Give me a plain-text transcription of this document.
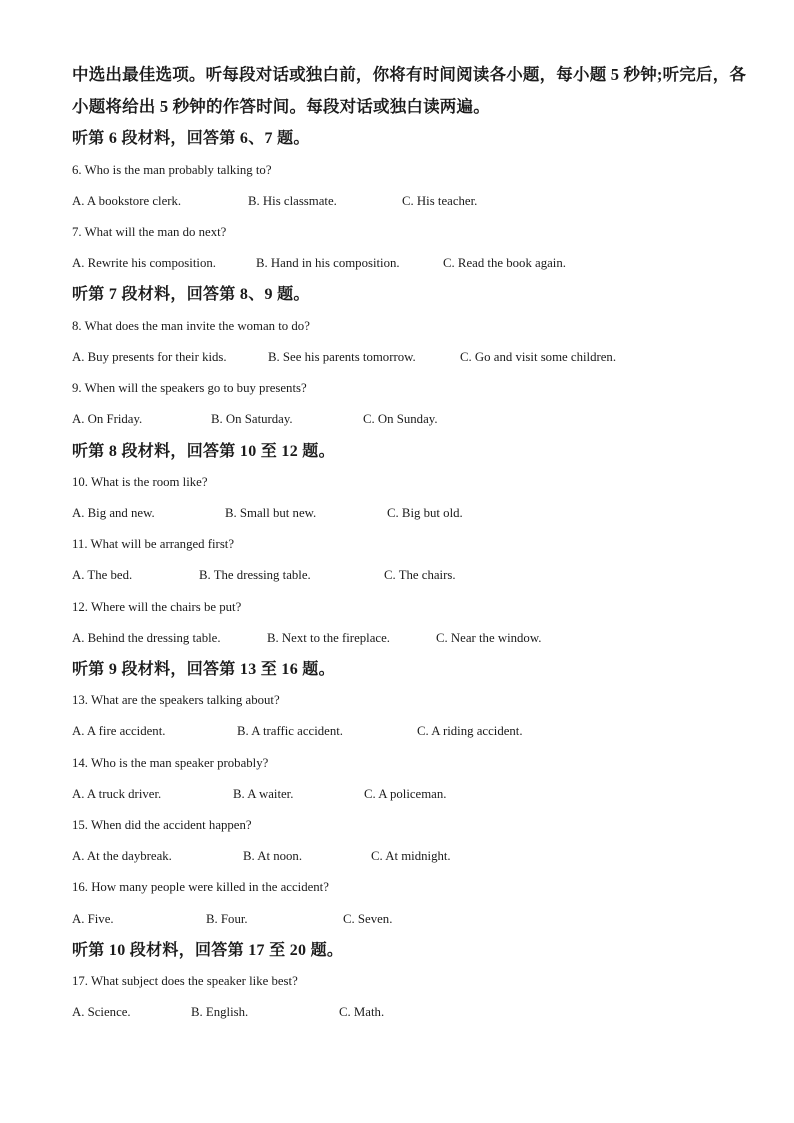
中选出最佳选项。听每段对话或独白前，你将有时间阅读各小题，每小题 5 秒钟;听完后，各
小题将给出 5 秒钟的作答时间。每段对话或独白读两遍。
听第 6 段材料，回答第 6、7 题。
6. Who is the man probably talking to?
A. A bookstore clerk.	B. His classmate.	C. His teacher.
7. What will the man do next?
A. Rewrite his composition.	B. Hand in his composition.	C. Read the book again.
听第 7 段材料，回答第 8、9 题。
8. What does the man invite the woman to do?
A. Buy presents for their kids.	B. See his parents tomorrow.	C. Go and visit some children.
9. When will the speakers go to buy presents?
A. On Friday.	B. On Saturday.	C. On Sunday.
听第 8 段材料，回答第 10 至 12 题。
10. What is the room like?
A. Big and new.	B. Small but new.	C. Big but old.
11. What will be arranged first?
A. The bed.	B. The dressing table.	C. The chairs.
12. Where will the chairs be put?
A. Behind the dressing table.	B. Next to the fireplace.	C. Near the window.
听第 9 段材料，回答第 13 至 16 题。
13. What are the speakers talking about?
A. A fire accident.	B. A traffic accident.	C. A riding accident.
14. Who is the man speaker probably?
A. A truck driver.	B. A waiter.	C. A policeman.
15. When did the accident happen?
A. At the daybreak.	B. At noon.	C. At midnight.
16. How many people were killed in the accident?
A. Five.	B. Four.	C. Seven.
听第 10 段材料，回答第 17 至 20 题。
17. What subject does the speaker like best?
A. Science.	B. English.	C. Math.
